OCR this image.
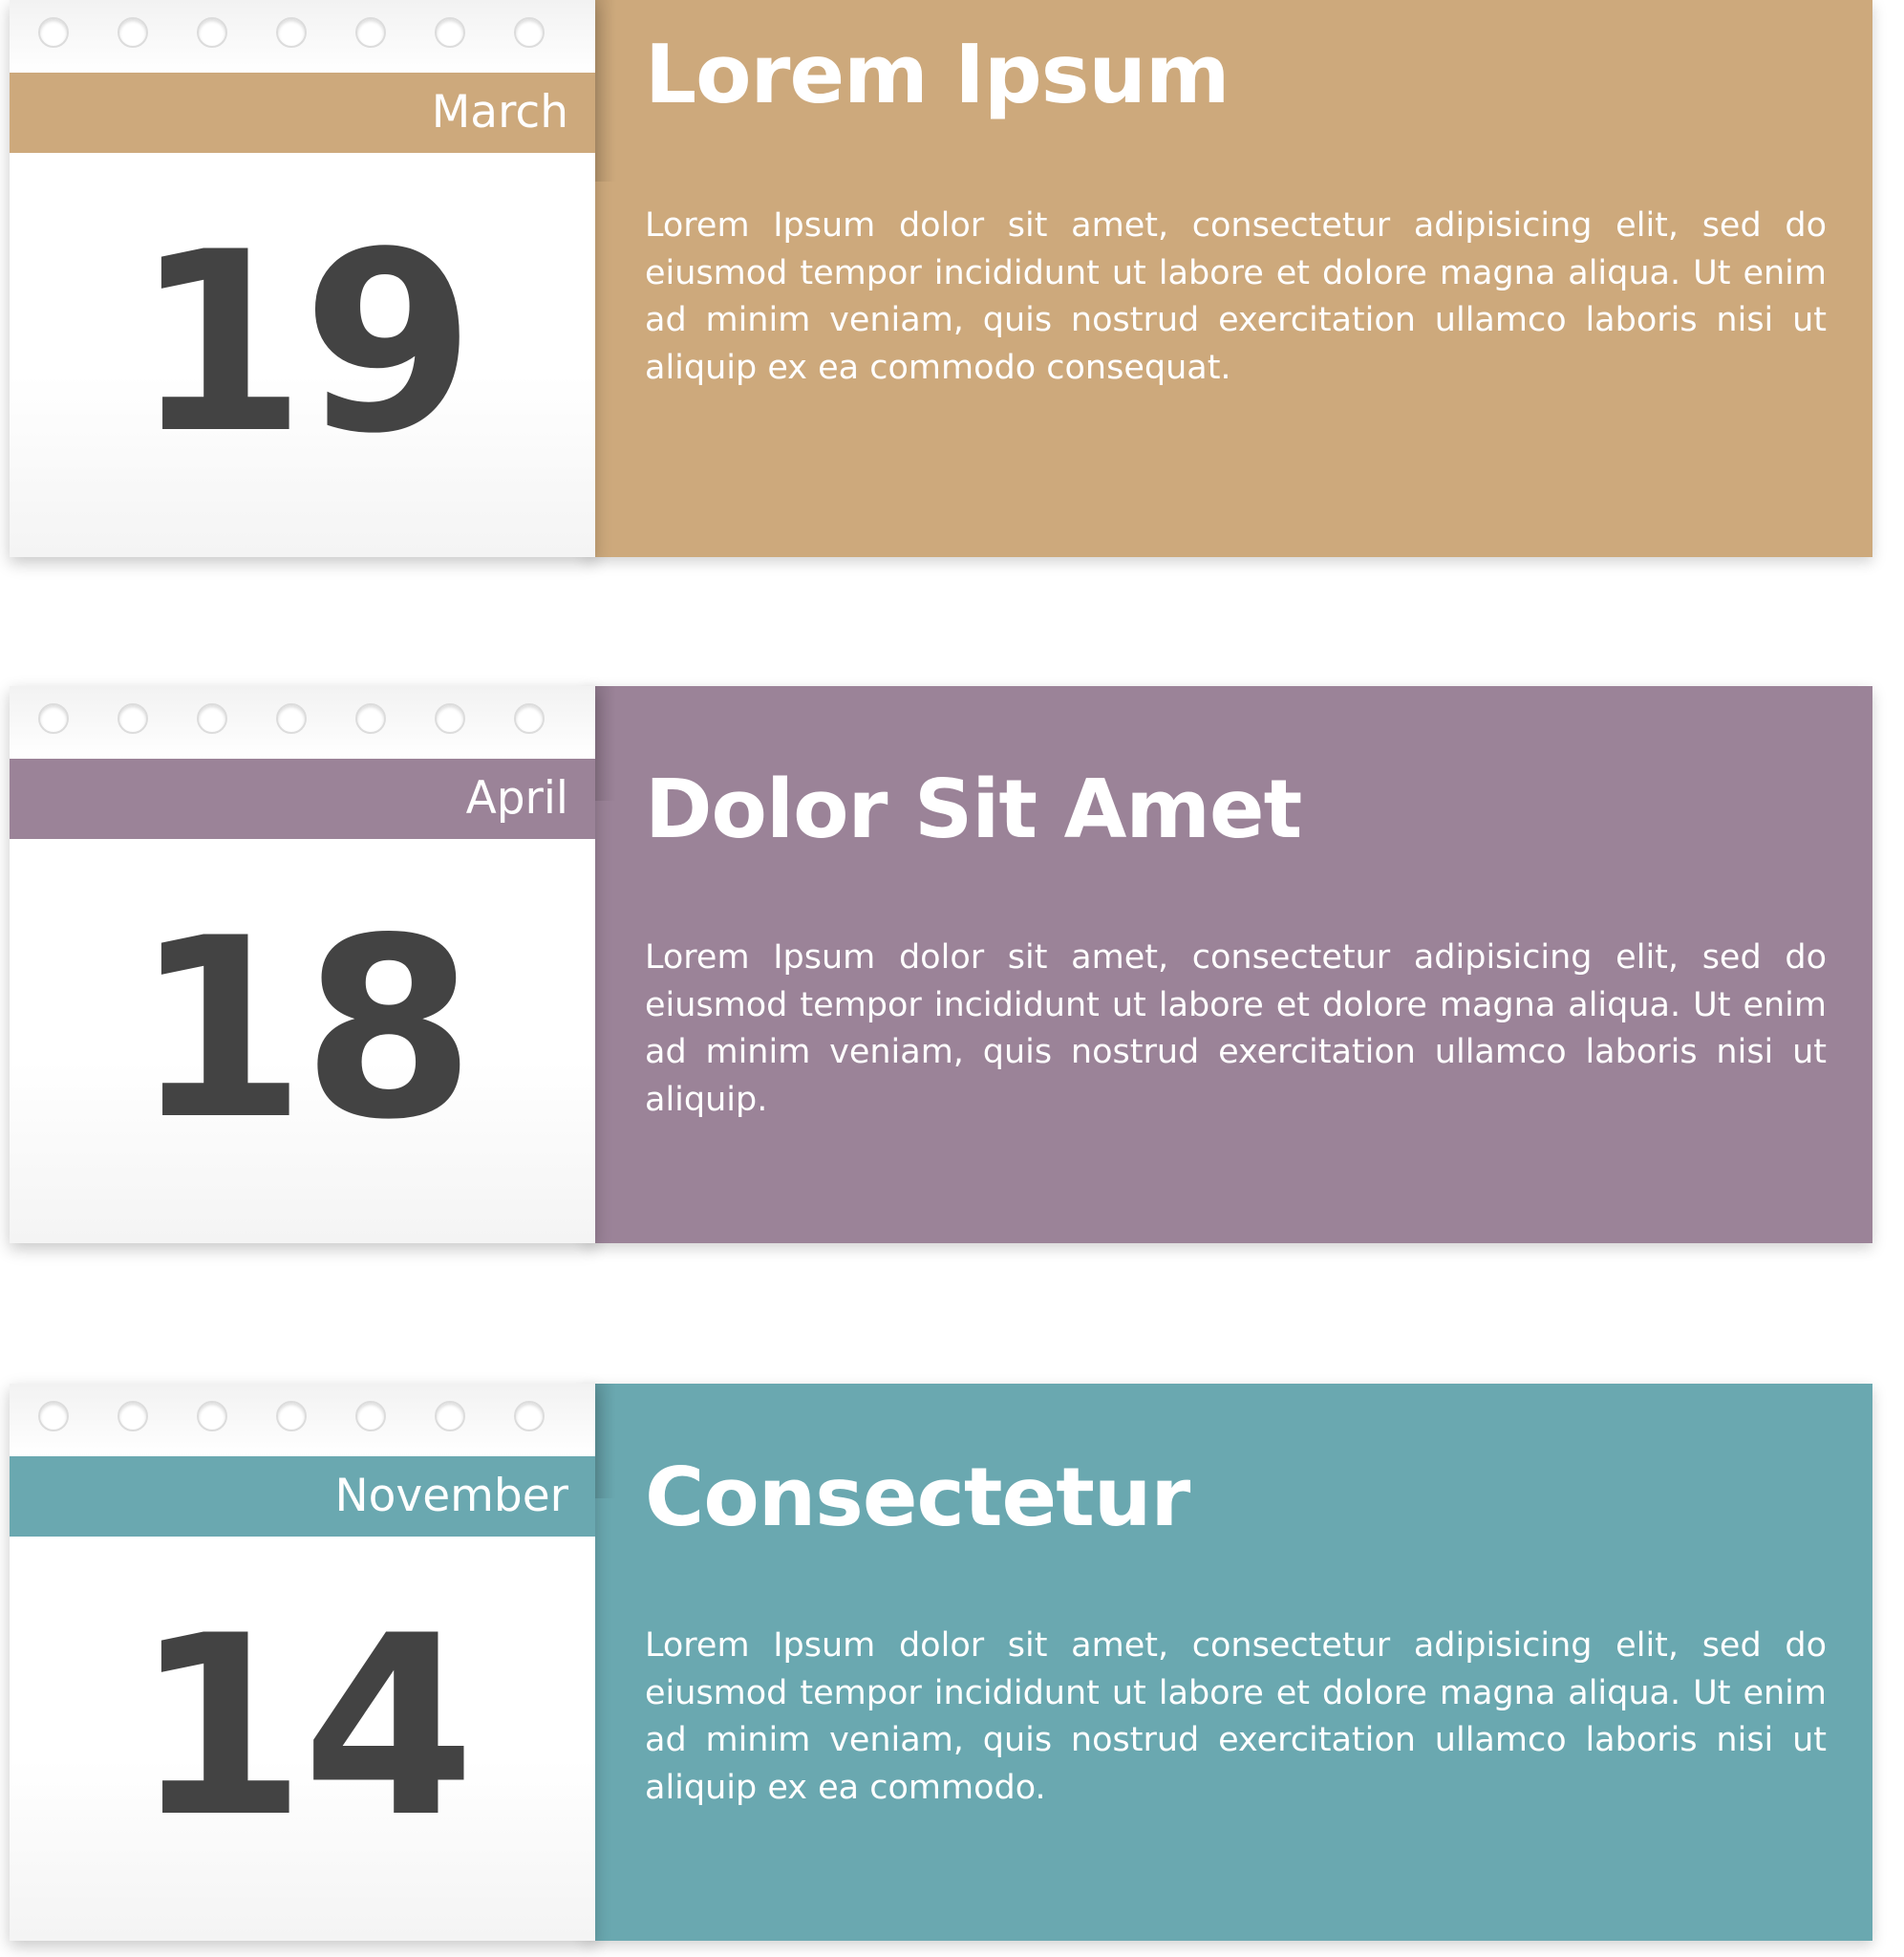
Lorem Ipsum
Lorem Ipsum dolor sit amet, consectetur adipisicing elit, sed do eiusmod tempor incididunt ut labore et dolore magna aliqua. Ut enim ad minim veniam, quis nostrud exercitation ullamco laboris nisi ut aliquip ex ea commodo consequat.
March
19
Dolor Sit Amet
Lorem Ipsum dolor sit amet, consectetur adipisicing elit, sed do eiusmod tempor incididunt ut labore et dolore magna aliqua. Ut enim ad minim veniam, quis nostrud exercitation ullamco laboris nisi ut aliquip.
April
18
Consectetur
Lorem Ipsum dolor sit amet, consectetur adipisicing elit, sed do eiusmod tempor incididunt ut labore et dolore magna aliqua. Ut enim ad minim veniam, quis nostrud exercitation ullamco laboris nisi ut aliquip ex ea commodo.
November
14
